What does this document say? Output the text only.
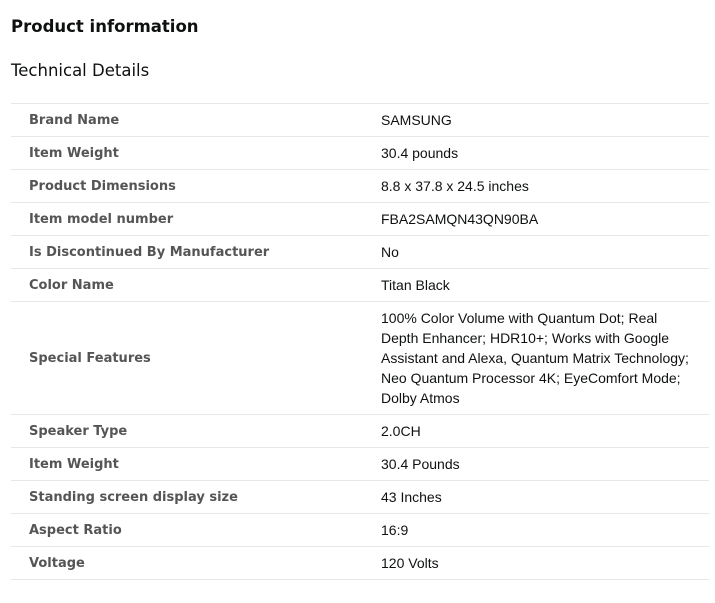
Product information
Technical Details
Brand Name	SAMSUNG

Item Weight	30.4 pounds

Product Dimensions	8.8 x 37.8 x 24.5 inches

Item model number	FBA2SAMQN43QN90BA

Is Discontinued By Manufacturer	No

Color Name	Titan Black

Special Features	100% Color Volume with Quantum Dot; Real Depth Enhancer; HDR10+; Works with Google Assistant and Alexa, Quantum Matrix Technology; Neo Quantum Processor 4K; EyeComfort Mode; Dolby Atmos

Speaker Type	2.0CH

Item Weight	30.4 Pounds

Standing screen display size	43 Inches

Aspect Ratio	16:9

Voltage	120 Volts
